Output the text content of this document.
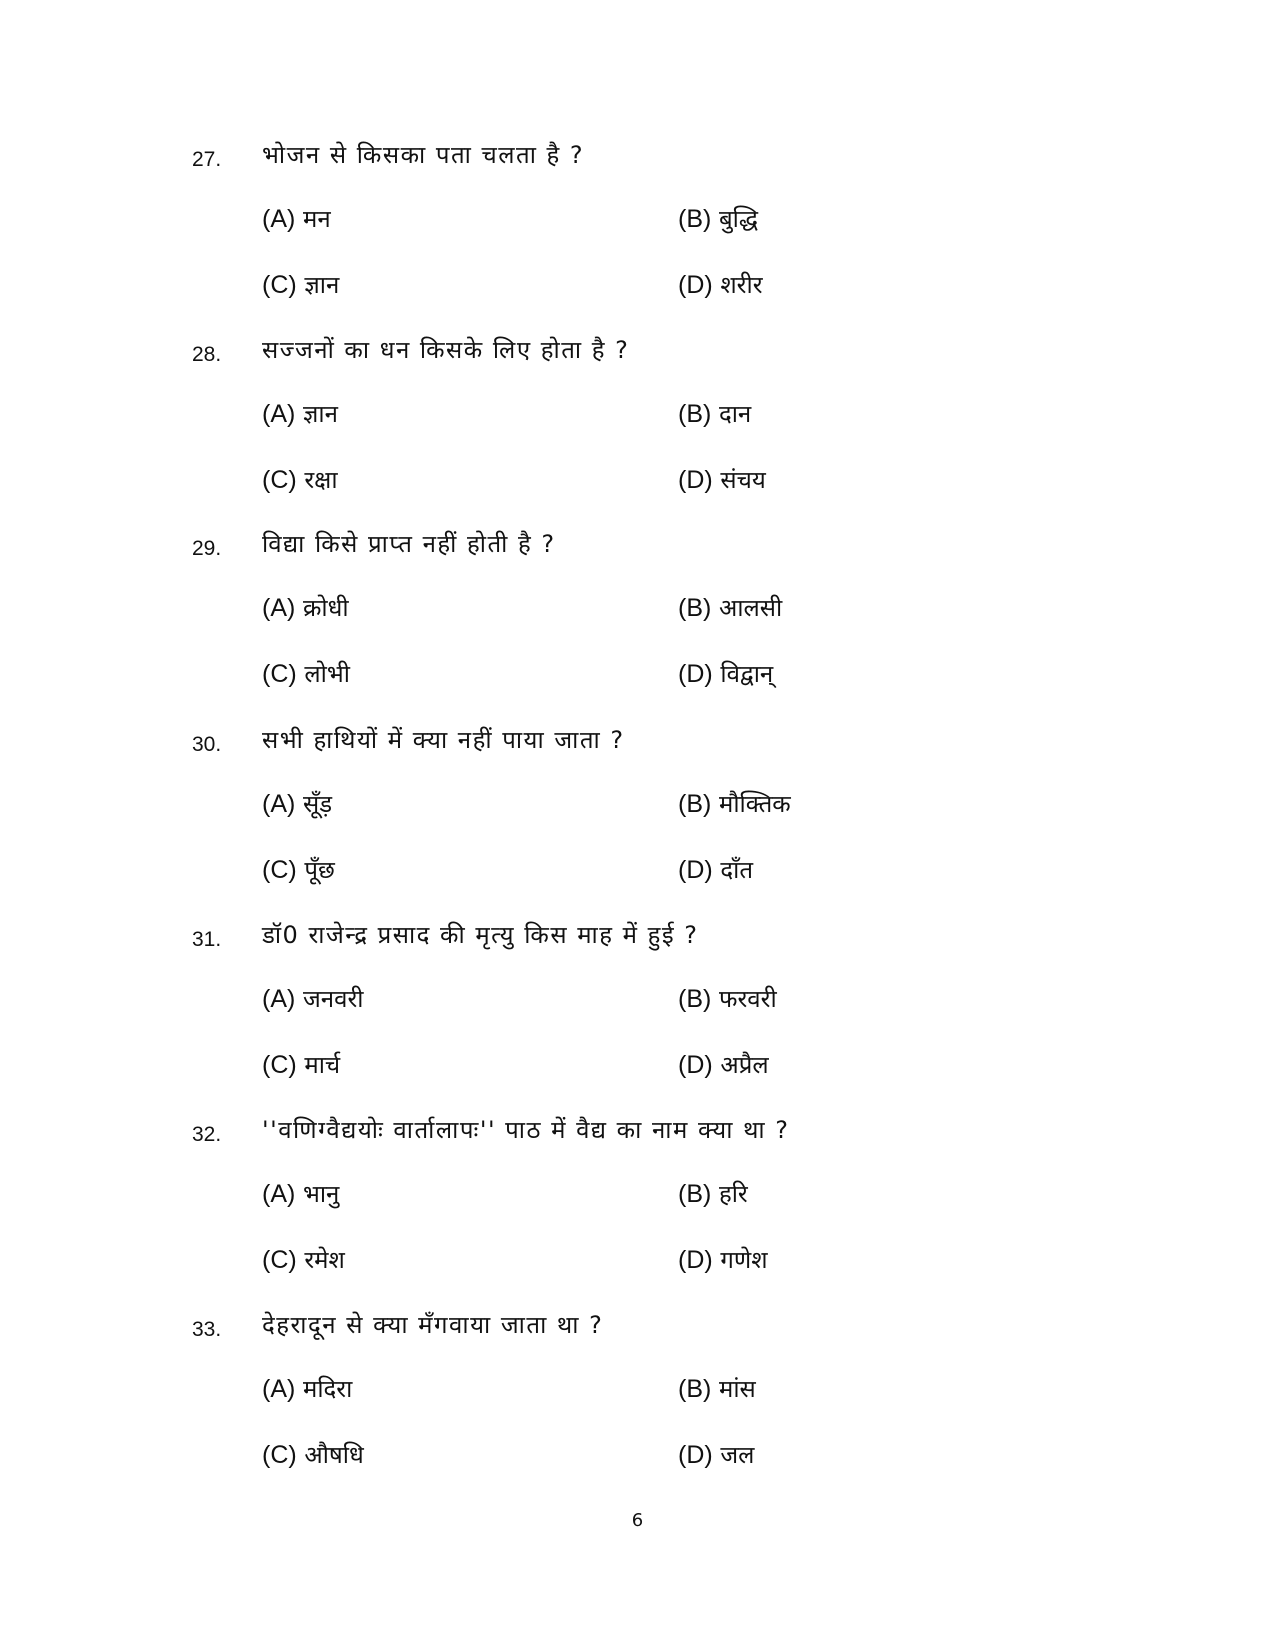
27. भोजन से किसका पता चलता है ?
(A) मन	(B) बुद्धि
(C) ज्ञान	(D) शरीर
28. सज्जनों का धन किसके लिए होता है ?
(A) ज्ञान	(B) दान
(C) रक्षा	(D) संचय
29. विद्या किसे प्राप्त नहीं होती है ?
(A) क्रोधी	(B) आलसी
(C) लोभी	(D) विद्वान्
30. सभी हाथियों में क्या नहीं पाया जाता ?
(A) सूँड़	(B) मौक्तिक
(C) पूँछ	(D) दाँत
31. डॉ0 राजेन्द्र प्रसाद की मृत्यु किस माह में हुई ?
(A) जनवरी	(B) फरवरी
(C) मार्च	(D) अप्रैल
32. ''वणिग्वैद्ययोः वार्तालापः'' पाठ में वैद्य का नाम क्या था ?
(A) भानु	(B) हरि
(C) रमेश	(D) गणेश
33. देहरादून से क्या मँगवाया जाता था ?
(A) मदिरा	(B) मांस
(C) औषधि	(D) जल
6
